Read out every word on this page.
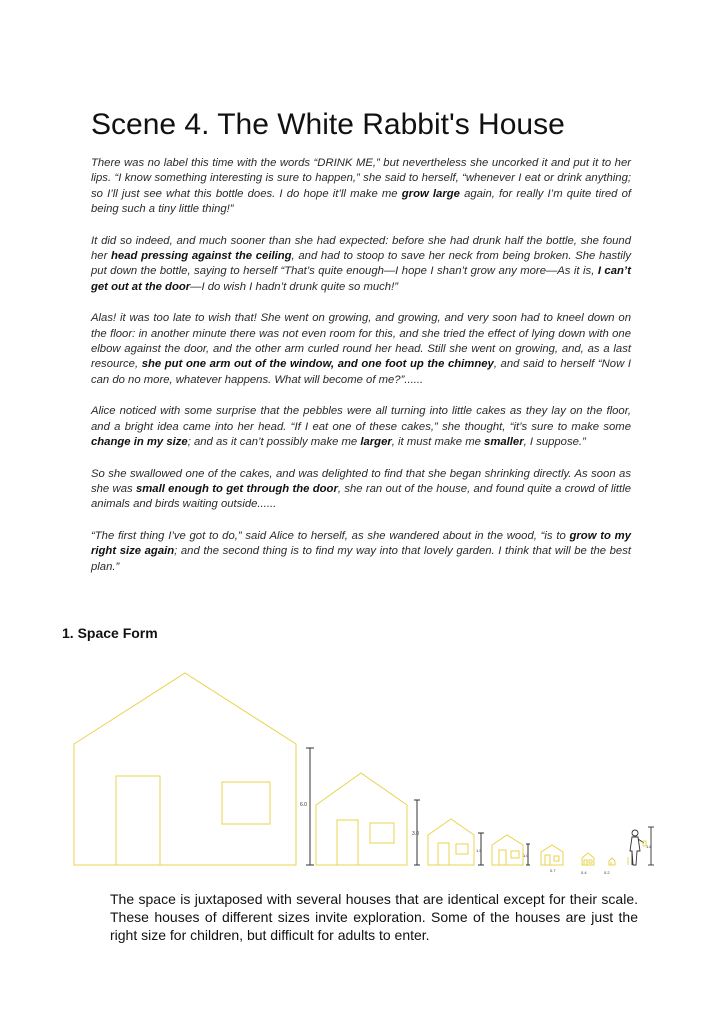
Scene 4. The White Rabbit's House

There was no label this time with the words “DRINK ME,” but nevertheless she uncorked it and put it to her lips. “I know something interesting is sure to happen,” she said to herself, “whenever I eat or drink anything; so I’ll just see what this bottle does. I do hope it’ll make me grow large again, for really I’m quite tired of being such a tiny little thing!”

It did so indeed, and much sooner than she had expected: before she had drunk half the bottle, she found her head pressing against the ceiling, and had to stoop to save her neck from being broken. She hastily put down the bottle, saying to herself “That’s quite enough—I hope I shan’t grow any more—As it is, I can’t get out at the door—I do wish I hadn’t drunk quite so much!”

Alas! it was too late to wish that! She went on growing, and growing, and very soon had to kneel down on the floor: in another minute there was not even room for this, and she tried the effect of lying down with one elbow against the door, and the other arm curled round her head. Still she went on growing, and, as a last resource, she put one arm out of the window, and one foot up the chimney, and said to herself “Now I can do no more, whatever happens. What will become of me?”......

Alice noticed with some surprise that the pebbles were all turning into little cakes as they lay on the floor, and a bright idea came into her head. “If I eat one of these cakes,” she thought, “it’s sure to make some change in my size; and as it can’t possibly make me larger, it must make me smaller, I suppose.”

So she swallowed one of the cakes, and was delighted to find that she began shrinking directly. As soon as she was small enough to get through the door, she ran out of the house, and found quite a crowd of little animals and birds waiting outside......

“The first thing I’ve got to do,” said Alice to herself, as she wandered about in the wood, “is to grow to my right size again; and the second thing is to find my way into that lovely garden. I think that will be the best plan.”

1. Space Form
6.0
3.0
1.5
1.0
0.7	0.4	0.2
1.8

The space is juxtaposed with several houses that are identical except for their scale. These houses of different sizes invite exploration. Some of the houses are just the right size for children, but difficult for adults to enter.
